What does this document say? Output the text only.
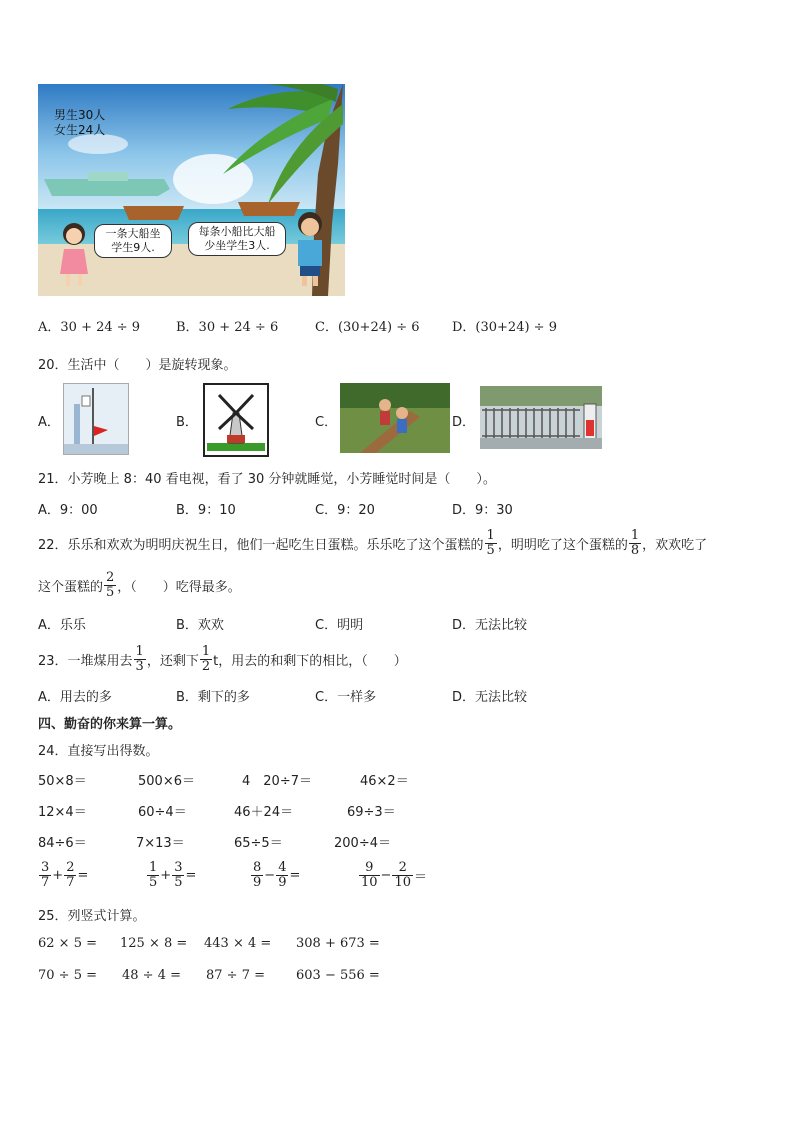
男生30人
女生24人
一条大船坐
学生9人.
每条小船比大船
少坐学生3人.
A．30 + 24 ÷ 9	B．30 + 24 ÷ 6	C．(30+24) ÷ 6	D．(30+24) ÷ 9
20．生活中（　　）是旋转现象。
A．	B．	C．	D．
21．小芳晚上 8：40 看电视，看了 30 分钟就睡觉，小芳睡觉时间是（　　）。
A．9：00	B．9：10	C．9：20	D．9：30
22．乐乐和欢欢为明明庆祝生日，他们一起吃生日蛋糕。乐乐吃了这个蛋糕的 $\frac{1}{5}$ ，明明吃了这个蛋糕的 $\frac{1}{8}$ ，欢欢吃了
这个蛋糕的 $\frac{2}{5}$ ，（　　）吃得最多。
A．乐乐	B．欢欢	C．明明	D．无法比较
23．一堆煤用去 $\frac{1}{3}$ ，还剩下 $\frac{1}{2}$ t，用去的和剩下的相比，（　　）
A．用去的多	B．剩下的多	C．一样多	D．无法比较
四、勤奋的你来算一算。
24．直接写出得数。
50×8＝	500×6＝	4　20÷7＝	46×2＝
12×4＝	60÷4＝	46＋24＝	69÷3＝
84÷6＝	7×13＝	65÷5＝	200÷4＝
$\frac{3}{7} + \frac{2}{7}$ =	$\frac{1}{5} + \frac{3}{5}$ =	$\frac{8}{9} - \frac{4}{9}$ =	$\frac{9}{10} - \frac{2}{10}$ ＝
25．列竖式计算。
62 × 5 = 125 × 8 = 443 × 4 = 308 + 673 =
70 ÷ 5 = 48 ÷ 4 = 87 ÷ 7 = 603 − 556 =
